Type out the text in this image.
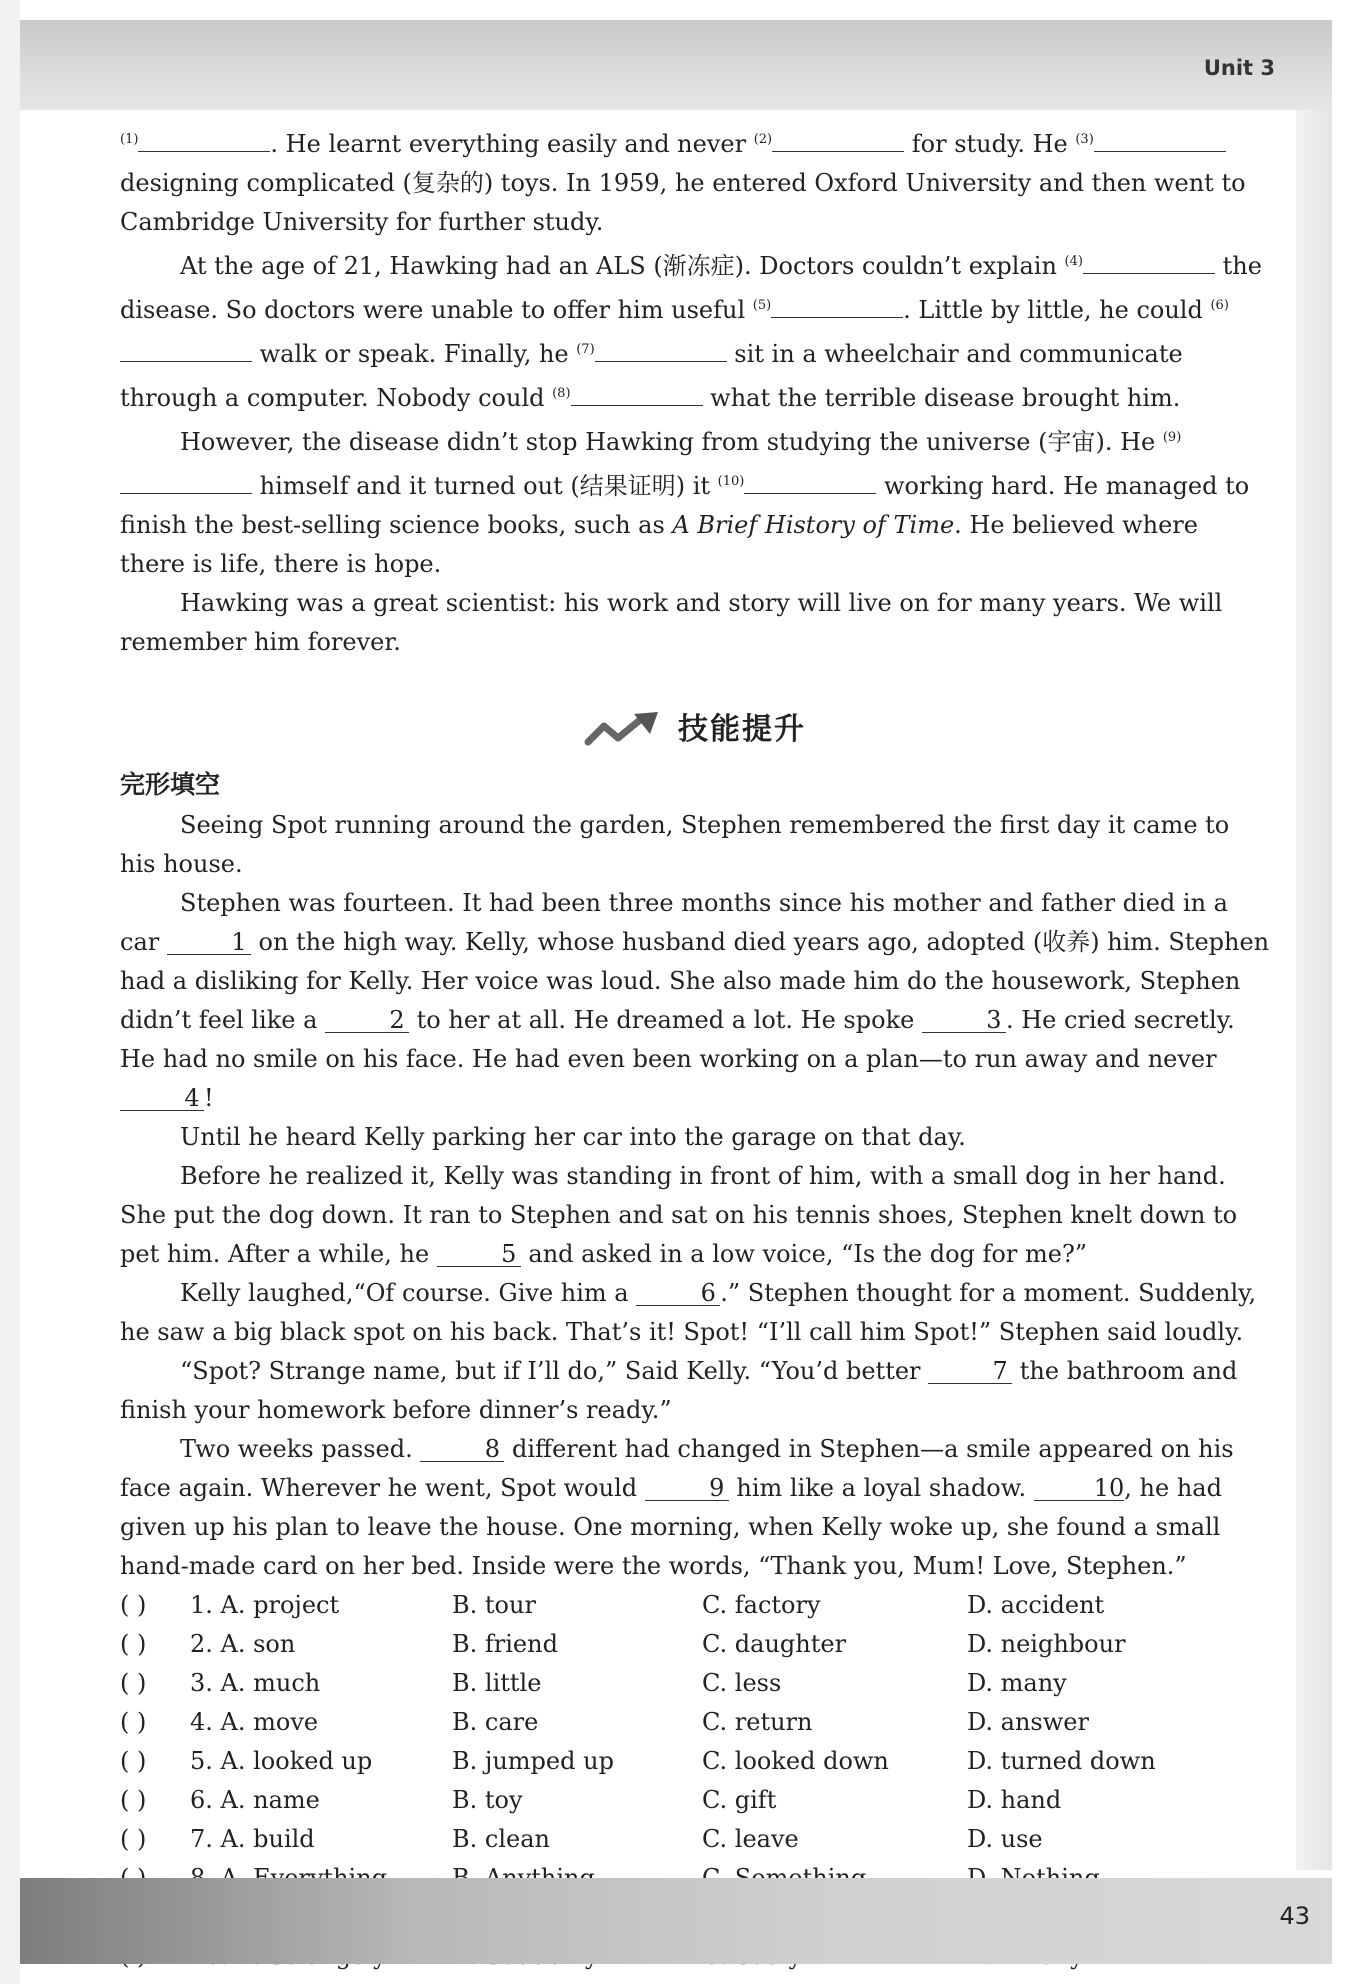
Unit 3

$^{(1)}$	. He learnt everything easily and never $^{(2)}$	for study. He $^{(3)}$ designing complicated (复杂的) toys. In 1959, he entered Oxford University and then went to Cambridge University for further study.

At the age of 21, Hawking had an ALS (渐冻症). Doctors couldn’t explain $^{(4)}$	the disease. So doctors were unable to offer him useful $^{(5)}$	. Little by little, he could $^{(6)}$ walk or speak. Finally, he $^{(7)}$	sit in a wheelchair and communicate through a computer. Nobody could $^{(8)}$	what the terrible disease brought him.

However, the disease didn’t stop Hawking from studying the universe (宇宙). He $^{(9)}$ himself and it turned out (结果证明) it $^{(10)}$	working hard. He managed to finish the best-selling science books, such as A Brief History of Time. He believed where there is life, there is hope.

Hawking was a great scientist: his work and story will live on for many years. We will remember him forever.

技能提升
完形填空

Seeing Spot running around the garden, Stephen remembered the first day it came to his house.

Stephen was fourteen. It had been three months since his mother and father died in a car	1 on the high way. Kelly, whose husband died years ago, adopted (收养) him. Stephen had a disliking for Kelly. Her voice was loud. She also made him do the housework, Stephen didn’t feel like a	2 to her at all. He dreamed a lot. He spoke	3 . He cried secretly. He had no smile on his face. He had even been working on a plan—to run away and never 4 !

Until he heard Kelly parking her car into the garage on that day.

Before he realized it, Kelly was standing in front of him, with a small dog in her hand. She put the dog down. It ran to Stephen and sat on his tennis shoes, Stephen knelt down to pet him. After a while, he	5 and asked in a low voice, “Is the dog for me?”

Kelly laughed,“Of course. Give him a	6 .” Stephen thought for a moment. Suddenly, he saw a big black spot on his back. That’s it! Spot! “I’ll call him Spot!” Stephen said loudly.

“Spot? Strange name, but if I’ll do,” Said Kelly. “You’d better	7 the bathroom and finish your homework before dinner’s ready.”

Two weeks passed.	8 different had changed in Stephen—a smile appeared on his face again. Wherever he went, Spot would	9 him like a loyal shadow.	10, he had given up his plan to leave the house. One morning, when Kelly woke up, she found a small hand-made card on her bed. Inside were the words, “Thank you, Mum! Love, Stephen.”

( )	1. A. project	B. tour	C. factory	D. accident
( )	2. A. son	B. friend	C. daughter	D. neighbour
( )	3. A. much	B. little	C. less	D. many
( )	4. A. move	B. care	C. return	D. answer
( )	5. A. looked up	B. jumped up	C. looked down	D. turned down
( )	6. A. name	B. toy	C. gift	D. hand
( )	7. A. build	B. clean	C. leave	D. use
43
